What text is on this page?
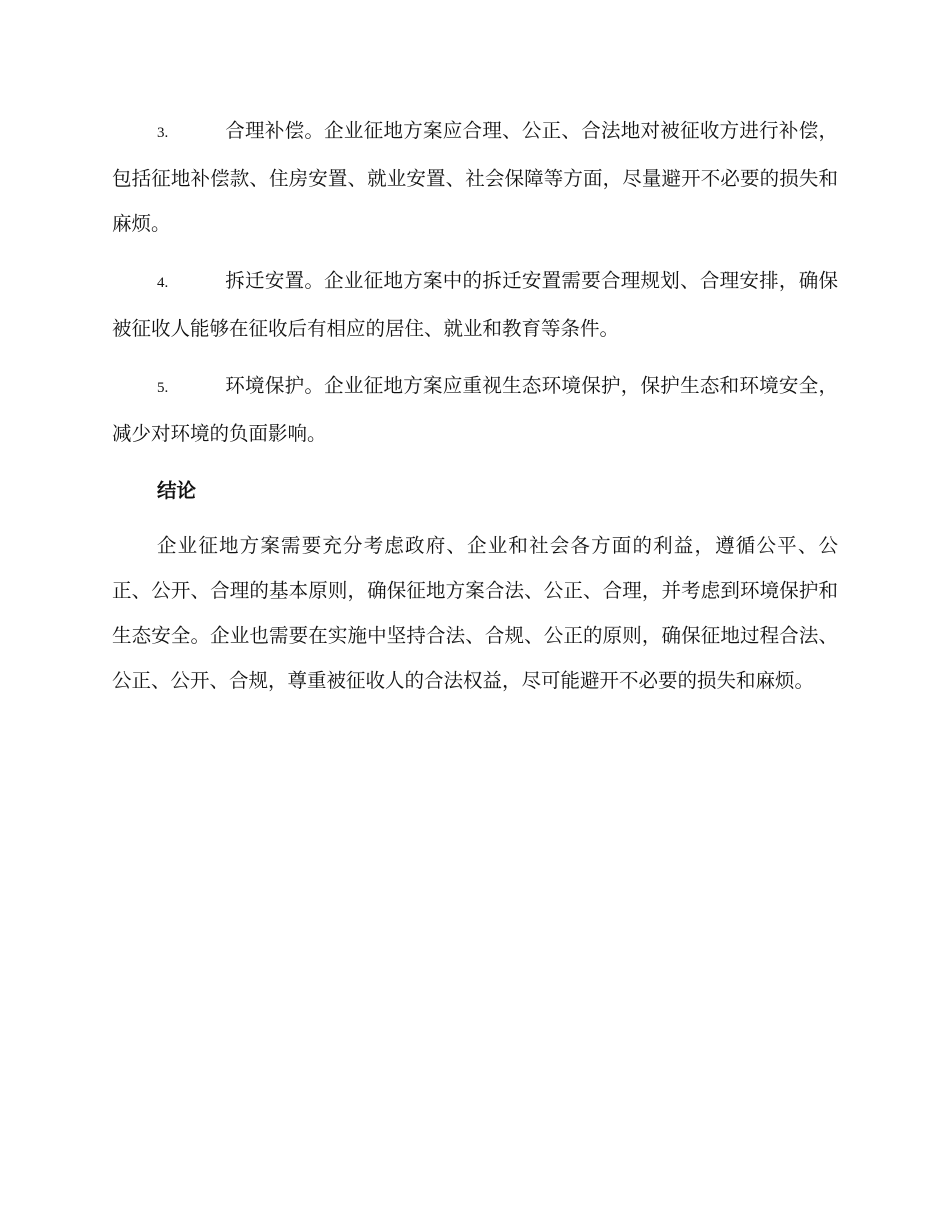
3.	合理补偿。企业征地方案应合理、公正、合法地对被征收方进行补偿，包括征地补偿款、住房安置、就业安置、社会保障等方面，尽量避开不必要的损失和麻烦。

4.	拆迁安置。企业征地方案中的拆迁安置需要合理规划、合理安排，确保被征收人能够在征收后有相应的居住、就业和教育等条件。

5.	环境保护。企业征地方案应重视生态环境保护，保护生态和环境安全，减少对环境的负面影响。

结论

企业征地方案需要充分考虑政府、企业和社会各方面的利益，遵循公平、公正、公开、合理的基本原则，确保征地方案合法、公正、合理，并考虑到环境保护和生态安全。企业也需要在实施中坚持合法、合规、公正的原则，确保征地过程合法、公正、公开、合规，尊重被征收人的合法权益，尽可能避开不必要的损失和麻烦。
